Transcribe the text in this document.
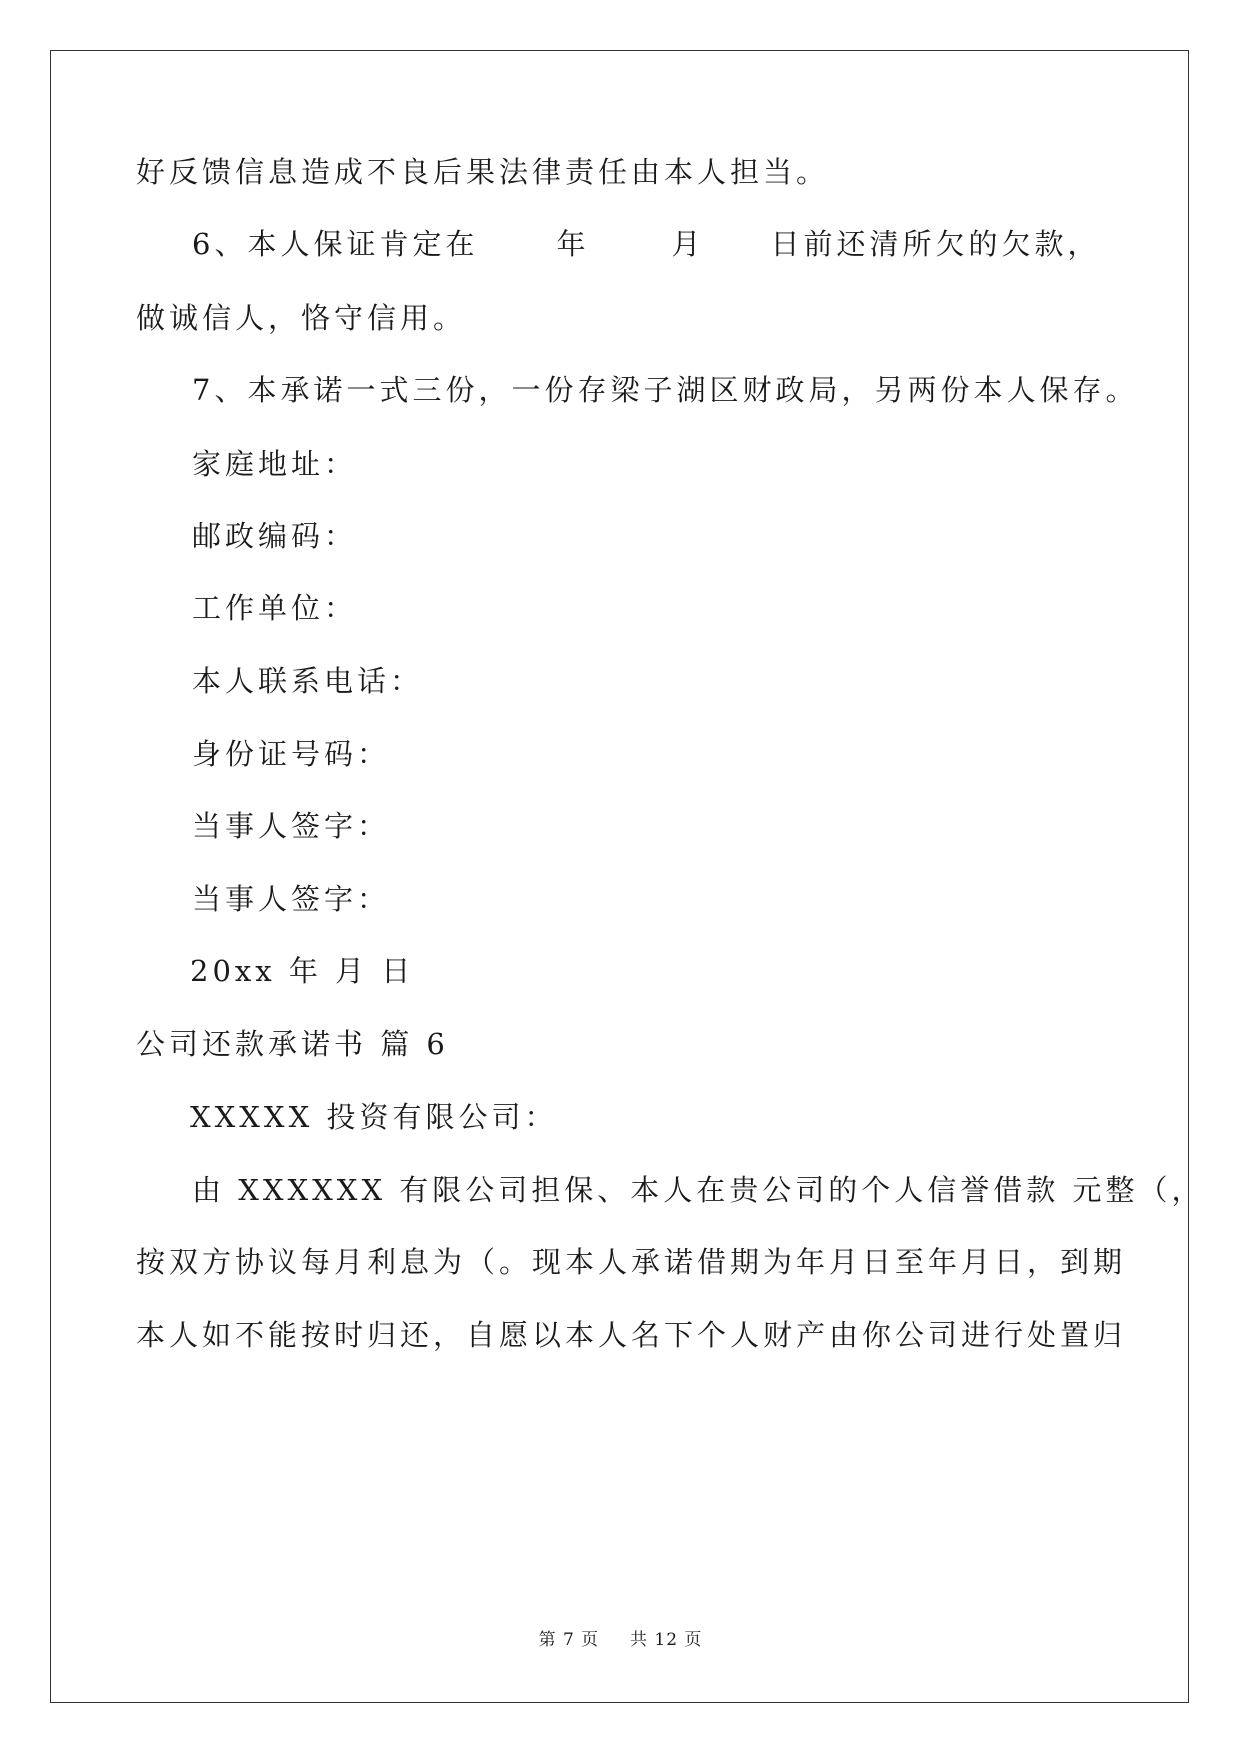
好反馈信息造成不良后果法律责任由本人担当。
6、本人保证肯定在	年	月 日前还清所欠的欠款，
做诚信人，恪守信用。
7、本承诺一式三份，一份存梁子湖区财政局，另两份本人保存。
家庭地址：
邮政编码：
工作单位：
本人联系电话：
身份证号码：
当事人签字：
当事人签字：
20xx 年 月 日
公司还款承诺书 篇 6
XXXXX 投资有限公司：
由 XXXXXX 有限公司担保、本人在贵公司的个人信誉借款 元整（，
按双方协议每月利息为（。现本人承诺借期为年月日至年月日，到期
本人如不能按时归还，自愿以本人名下个人财产由你公司进行处置归
第 7 页 共 12 页
